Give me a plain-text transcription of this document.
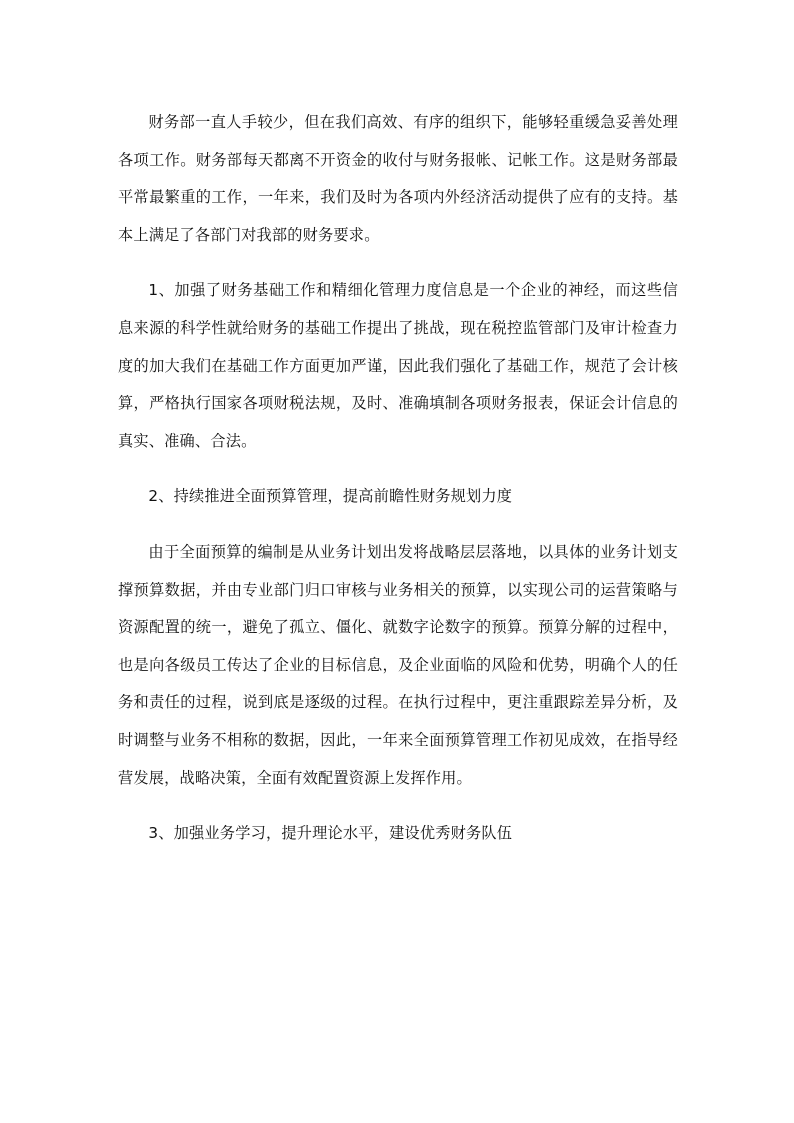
财务部一直人手较少，但在我们高效、有序的组织下，能够轻重缓急妥善处理各项工作。财务部每天都离不开资金的收付与财务报帐、记帐工作。这是财务部最平常最繁重的工作，一年来，我们及时为各项内外经济活动提供了应有的支持。基本上满足了各部门对我部的财务要求。

1、加强了财务基础工作和精细化管理力度信息是一个企业的神经，而这些信息来源的科学性就给财务的基础工作提出了挑战，现在税控监管部门及审计检查力度的加大我们在基础工作方面更加严谨，因此我们强化了基础工作，规范了会计核算，严格执行国家各项财税法规，及时、准确填制各项财务报表，保证会计信息的真实、准确、合法。

2、持续推进全面预算管理，提高前瞻性财务规划力度

由于全面预算的编制是从业务计划出发将战略层层落地，以具体的业务计划支撑预算数据，并由专业部门归口审核与业务相关的预算，以实现公司的运营策略与资源配置的统一，避免了孤立、僵化、就数字论数字的预算。预算分解的过程中，也是向各级员工传达了企业的目标信息，及企业面临的风险和优势，明确个人的任务和责任的过程，说到底是逐级的过程。在执行过程中，更注重跟踪差异分析，及时调整与业务不相称的数据，因此，一年来全面预算管理工作初见成效，在指导经营发展，战略决策，全面有效配置资源上发挥作用。

3、加强业务学习，提升理论水平，建设优秀财务队伍
